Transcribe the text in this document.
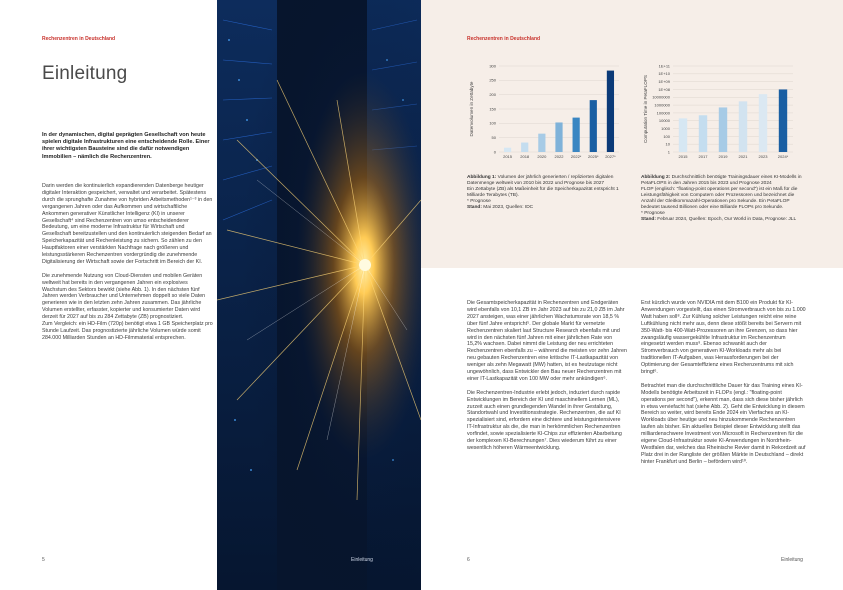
Rechenzentren in Deutschland
Einleitung
In der dynamischen, digital geprägten Gesellschaft von heute spielen digitale Infrastrukturen eine entscheidende Rolle. Einer ihrer wichtigsten Bausteine sind die dafür notwendigen Immobilien – nämlich die Rechenzentren.

Darin werden die kontinuierlich expandierenden Datenberge heutiger digitaler Interaktion gespeichert, verwaltet und verarbeitet. Spätestens durch die sprunghafte Zunahme von hybriden Arbeitsmethoden¹⁻³ in den vergangenen Jahren oder das Aufkommen und wirtschaftliche Ankommen generativer Künstlicher Intelligenz (KI) in unserer Gesellschaft⁴ sind Rechenzentren von umso entscheidenderer Bedeutung, um eine moderne Infrastruktur für Wirtschaft und Gesellschaft bereitzustellen und den kontinuierlich steigenden Bedarf an Speicherkapazität und Rechenleistung zu sichern. So zählen zu den Hauptfaktoren einer verstärkten Nachfrage nach größeren und leistungsstärkeren Rechenzentren vordergründig die zunehmende Digitalisierung der Wirtschaft sowie der Fortschritt im Bereich der KI.

Die zunehmende Nutzung von Cloud-Diensten und mobilen Geräten weltweit hat bereits in den vergangenen Jahren ein explosives Wachstum des Sektors bewirkt (siehe Abb. 1). In den nächsten fünf Jahren werden Verbraucher und Unternehmen doppelt so viele Daten generieren wie in den letzten zehn Jahren zusammen. Das jährliche Volumen erstellter, erfasster, kopierter und konsumierter Daten wird derzeit für 2027 auf bis zu 284 Zettabyte (ZB) prognostiziert.
Zum Vergleich: ein HD-Film (720p) benötigt etwa 1 GB Speicherplatz pro Stunde Laufzeit. Das prognostizierte jährliche Volumen würde somit 284.000 Milliarden Stunden an HD-Filmmaterial entsprechen.

5	Einleitung
Rechenzentren in Deutschland
Datenvolumen in Zettabyte
0
50
100
150
200
250
300
2015 2018 2020 2022 2022* 2025* 2027*
Computation Time in PetaFLOPS
1
10
100
1000
10000
100000
1000000
10000000
1E+08
1E+09
1E+10
1E+11
2015	2017	2019	2021	2023	2024*
Abbildung 1: Volumen der jährlich generierten / replizierten digitalen Datenmenge weltweit von 2010 bis 2022 und Prognose bis 2027
Ein Zettabyte (ZB) als Maßeinheit für die Speicherkapazität entspricht 1 Milliarde Terabytes (TB).
* Prognose
Stand: Mai 2023, Quellen: IDC
Abbildung 2: Durchschnittlich benötigte Trainingsdauer eines KI-Modells in PetaFLOPS in den Jahren 2015 bis 2023 und Prognose 2024
FLOP (englisch: "floating-point operations per second") ist ein Maß für die Leistungsfähigkeit von Computern oder Prozessoren und bezeichnet die Anzahl der Gleitkommazahl-Operationen pro Sekunde. Ein PetaFLOP bedeutet tausend Billionen oder eine Billiarde FLOPs pro Sekunde.
* Prognose
Stand: Februar 2024, Quellen: Epoch, Our World in Data, Prognose: JLL

Die Gesamtspeicherkapazität in Rechenzentren und Endgeräten wird ebenfalls von 10,1 ZB im Jahr 2023 auf bis zu 21,0 ZB im Jahr 2027 ansteigen, was einer jährlichen Wachstumsrate von 18,5 % über fünf Jahre entspricht⁵. Der globale Markt für vernetzte Rechenzentren skaliert laut Structure Research ebenfalls mit und wird in den nächsten fünf Jahren mit einer jährlichen Rate von 15,2% wachsen. Dabei nimmt die Leistung der neu errichteten Rechenzentren ebenfalls zu – während die meisten vor zehn Jahren neu gebauten Rechenzentren eine kritische IT-Lastkapazität von weniger als zehn Megawatt (MW) hatten, ist es heutzutage nicht ungewöhnlich, dass Entwickler den Bau neuer Rechenzentren mit einer IT-Lastkapazität von 100 MW oder mehr ankündigen⁶.

Die Rechenzentren-Industrie erlebt jedoch, induziert durch rapide Entwicklungen im Bereich der KI und maschinellem Lernen (ML), zurzeit auch einen grundlegenden Wandel in ihrer Gestaltung, Standortwahl und Investitionsstrategie. Rechenzentren, die auf KI spezialisiert sind, erfordern eine dichtere und leistungsintensivere IT-Infrastruktur als die, die man in herkömmlichen Rechenzentren vorfindet, sowie spezialisierte KI-Chips zur effizienten Abarbeitung der komplexen KI-Berechnungen⁷. Dies wiederum führt zu einer wesentlich höheren Wärmeentwicklung.

Erst kürzlich wurde von NVIDIA mit dem B100 ein Produkt für KI-Anwendungen vorgestellt, das einen Stromverbrauch von bis zu 1.000 Watt haben soll⁸. Zur Kühlung solcher Leistungen reicht eine reine Luftkühlung nicht mehr aus, denn diese stößt bereits bei Servern mit 350-Watt- bis 400-Watt-Prozessoren an ihre Grenzen, so dass hier zwangsläufig wassergekühlte Infrastruktur im Rechenzentrum eingesetzt werden muss⁹. Ebenso schwankt auch der Stromverbrauch von generativen KI-Workloads mehr als bei traditionellen IT-Aufgaben, was Herausforderungen bei der Optimierung der Gesamteffizienz eines Rechenzentrums mit sich bringt⁶.

Betrachtet man die durchschnittliche Dauer für das Training eines KI-Modells benötigte Arbeitszeit in FLOPs (engl.: "floating-point operations per second"), erkennt man, dass sich diese bisher jährlich in etwa verviefacht hat (siehe Abb. 2). Geht die Entwicklung in diesem Bereich so weiter, wird bereits Ende 2024 ein Vierfaches an KI-Workloads über heutige und neu hinzukommende Rechenzentren laufen als bisher. Ein aktuelles Beispiel dieser Entwicklung stellt das milliardenschwere Investment von Microsoft in Rechenzentren für die eigene Cloud-Infrastruktur sowie KI-Anwendungen in Nordrhein-Westfalen dar, welches das Rheinische Revier damit in Rekordzeit auf Platz drei in der Rangliste der größten Märkte in Deutschland – direkt hinter Frankfurt und Berlin – befördern wird¹⁰.

6	Einleitung
